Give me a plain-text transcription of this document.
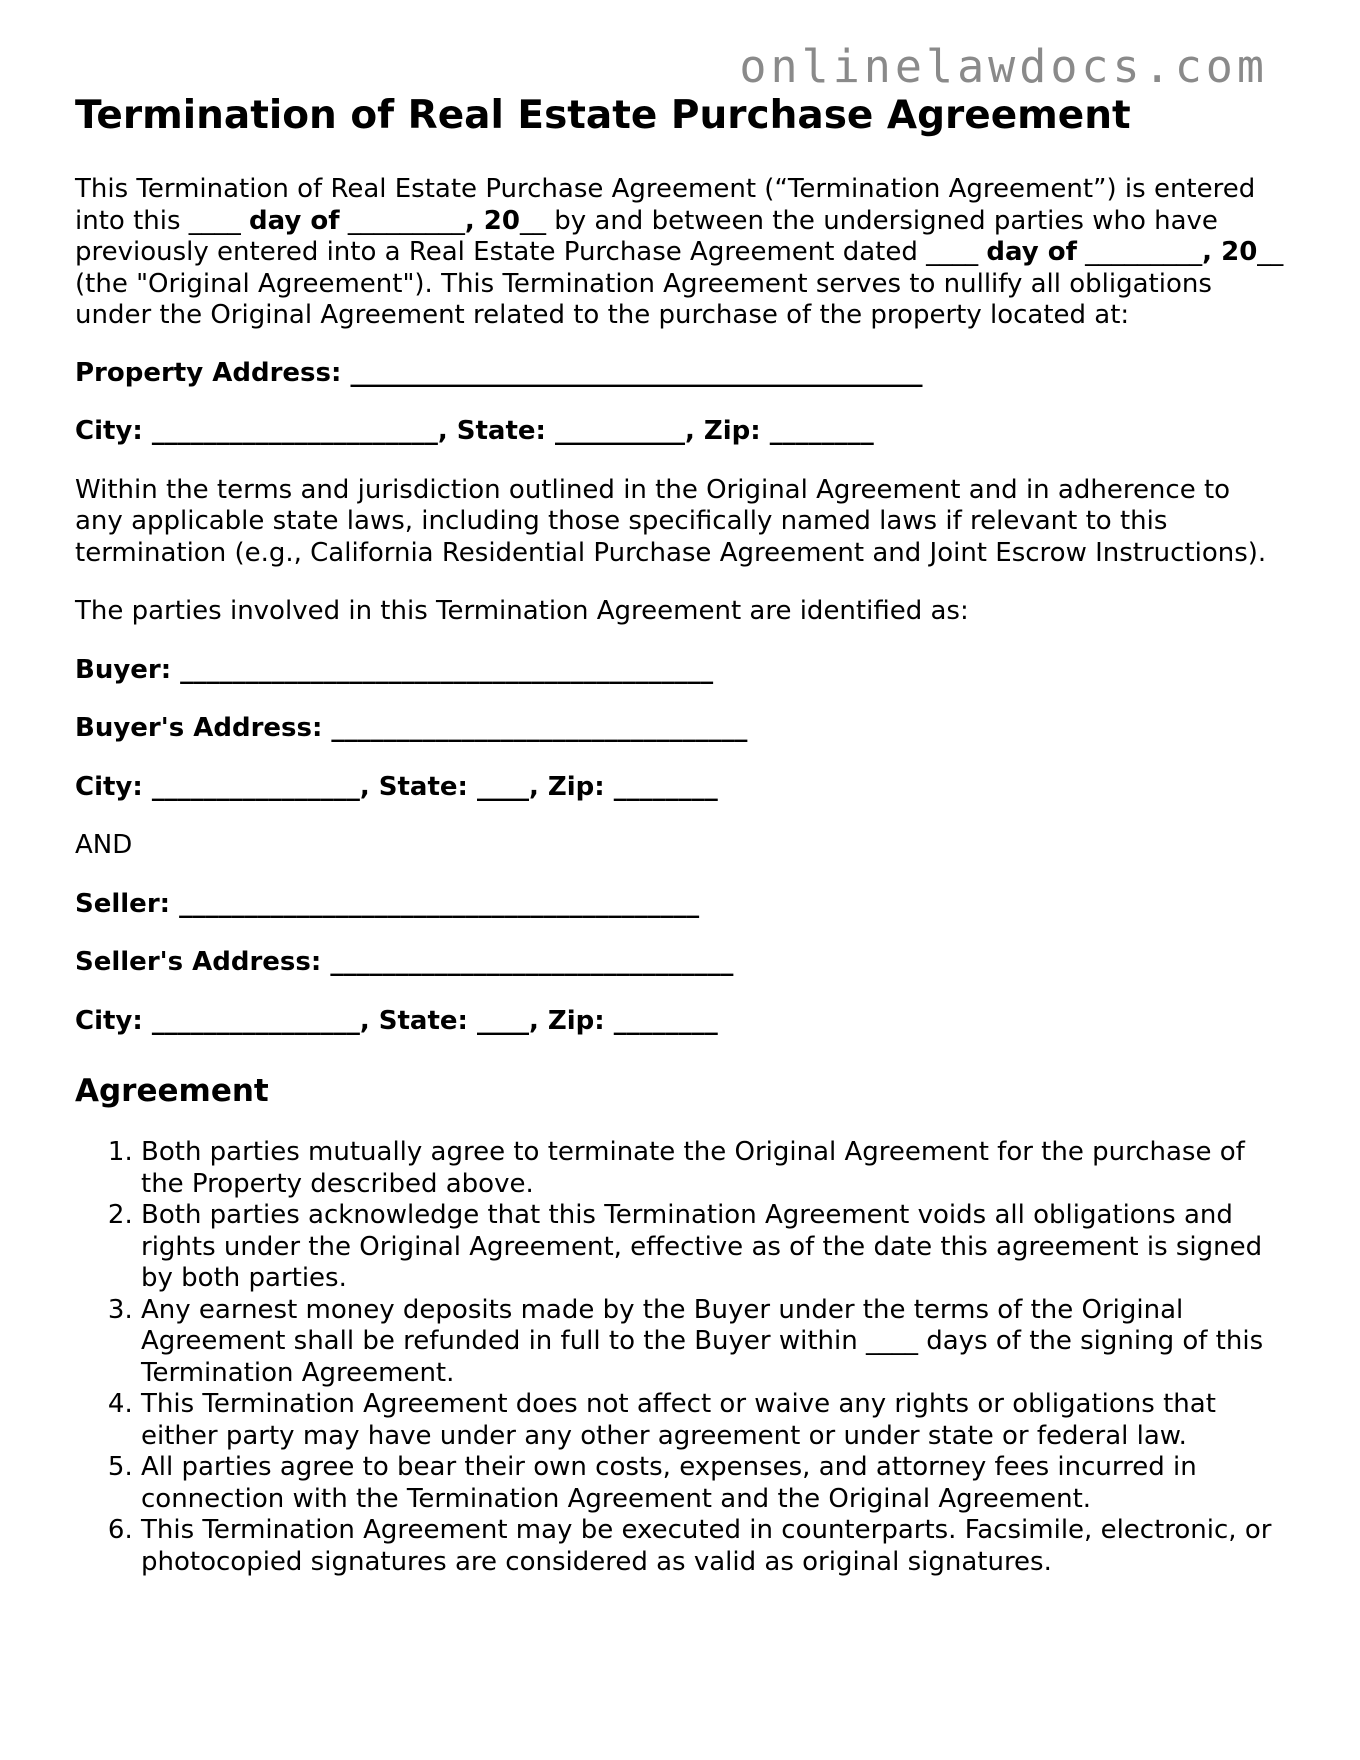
onlinelawdocs.com
Termination of Real Estate Purchase Agreement

This Termination of Real Estate Purchase Agreement (“Termination Agreement”) is entered into this ____ day of _________, 20__ by and between the undersigned parties who have previously entered into a Real Estate Purchase Agreement dated ____ day of _________, 20__ (the "Original Agreement"). This Termination Agreement serves to nullify all obligations under the Original Agreement related to the purchase of the property located at:

Property Address: ____________________________________________

City: ______________________, State: __________, Zip: ________

Within the terms and jurisdiction outlined in the Original Agreement and in adherence to any applicable state laws, including those specifically named laws if relevant to this termination (e.g., California Residential Purchase Agreement and Joint Escrow Instructions).

The parties involved in this Termination Agreement are identified as:

Buyer: _________________________________________

Buyer's Address: ________________________________

City: ________________, State: ____, Zip: ________

AND

Seller: ________________________________________

Seller's Address: _______________________________

City: ________________, State: ____, Zip: ________

Agreement
1. Both parties mutually agree to terminate the Original Agreement for the purchase of the Property described above.
2. Both parties acknowledge that this Termination Agreement voids all obligations and rights under the Original Agreement, effective as of the date this agreement is signed by both parties.
3. Any earnest money deposits made by the Buyer under the terms of the Original Agreement shall be refunded in full to the Buyer within ____ days of the signing of this Termination Agreement.
4. This Termination Agreement does not affect or waive any rights or obligations that either party may have under any other agreement or under state or federal law.
5. All parties agree to bear their own costs, expenses, and attorney fees incurred in connection with the Termination Agreement and the Original Agreement.
6. This Termination Agreement may be executed in counterparts. Facsimile, electronic, or photocopied signatures are considered as valid as original signatures.
